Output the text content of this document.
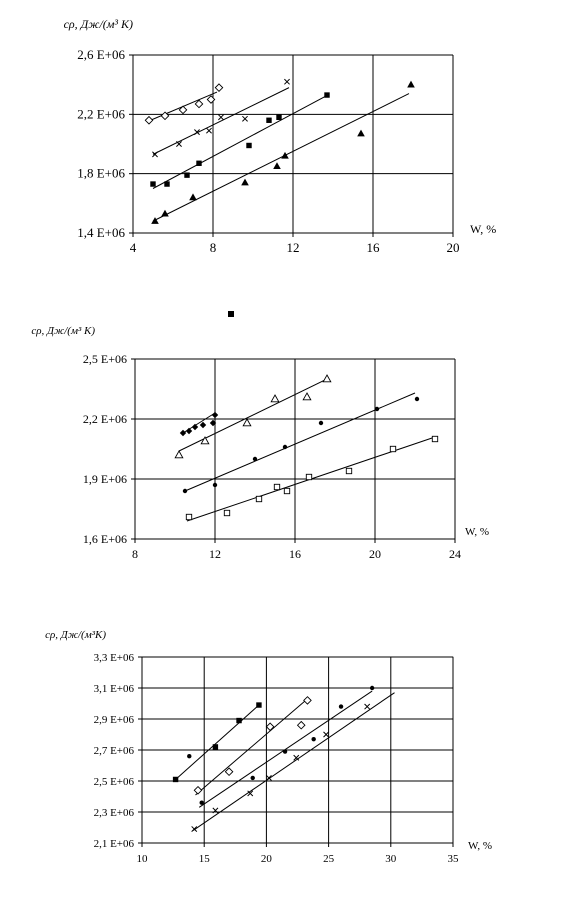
4	8	12	16	20
1,4 E+06
1,8 E+06
2,2 E+06
2,6 E+06
cρ, Дж/(м³ К)
W, %
8	12	16	20	24
1,6 E+06
1,9 E+06
2,2 E+06
2,5 E+06
cρ, Дж/(м³ К)
W, %
10	15	20	25	30	35
2,1 E+06
2,3 E+06
2,5 E+06
2,7 E+06
2,9 E+06
3,1 E+06
3,3 E+06
cρ, Дж/(м³К)
W, %
